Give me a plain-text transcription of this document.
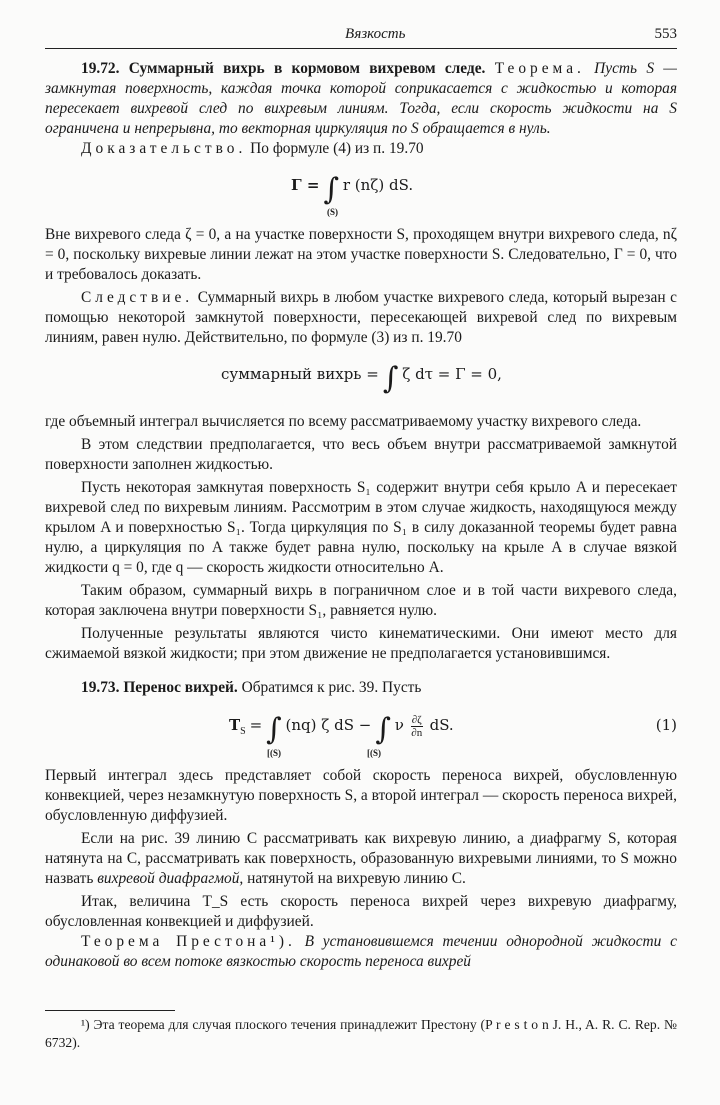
Вязкость	553

19.72. Суммарный вихрь в кормовом вихревом следе. Теорема. Пусть S — замкнутая поверхность, каждая точка которой соприкасается с жидкостью и которая пересекает вихревой след по вихревым линиям. Тогда, если скорость жидкости на S ограничена и непрерывна, то векторная циркуляция по S обращается в нуль.

Доказательство. По формуле (4) из п. 19.70

Γ = ∫ r (nζ) dS.
(S)

Вне вихревого следа ζ = 0, а на участке поверхности S, проходящем внутри вихревого следа, nζ = 0, поскольку вихревые линии лежат на этом участке поверхности S. Следовательно, Γ = 0, что и требовалось доказать.

Следствие. Суммарный вихрь в любом участке вихревого следа, который вырезан с помощью некоторой замкнутой поверхности, пересекающей вихревой след по вихревым линиям, равен нулю. Действительно, по формуле (3) из п. 19.70

суммарный вихрь = ∫ ζ dτ = Γ = 0,

где объемный интеграл вычисляется по всему рассматриваемому участку вихревого следа.

В этом следствии предполагается, что весь объем внутри рассматриваемой замкнутой поверхности заполнен жидкостью.

Пусть некоторая замкнутая поверхность S₁ содержит внутри себя крыло A и пересекает вихревой след по вихревым линиям. Рассмотрим в этом случае жидкость, находящуюся между крылом A и поверхностью S₁. Тогда циркуляция по S₁ в силу доказанной теоремы будет равна нулю, а циркуляция по A также будет равна нулю, поскольку на крыле A в случае вязкой жидкости q = 0, где q — скорость жидкости относительно A.

Таким образом, суммарный вихрь в пограничном слое и в той части вихревого следа, которая заключена внутри поверхности S₁, равняется нулю.

Полученные результаты являются чисто кинематическими. Они имеют место для сжимаемой вязкой жидкости; при этом движение не предполагается установившимся.

19.73. Перенос вихрей. Обратимся к рис. 39. Пусть

$T_S$ = ∫ (nq) ζ dS − ∫ ν $\frac{\partial\zeta}{\partial n}$ dS.
[(S)	[(S)
(1)

Первый интеграл здесь представляет собой скорость переноса вихрей, обусловленную конвекцией, через незамкнутую поверхность S, а второй интеграл — скорость переноса вихрей, обусловленную диффузией.

Если на рис. 39 линию C рассматривать как вихревую линию, а диафрагму S, которая натянута на C, рассматривать как поверхность, образованную вихревыми линиями, то S можно назвать вихревой диафрагмой, натянутой на вихревую линию C.

Итак, величина T_S есть скорость переноса вихрей через вихревую диафрагму, обусловленная конвекцией и диффузией.

Теорема Престона¹). В установившемся течении однородной жидкости с одинаковой во всем потоке вязкостью скорость переноса вихрей

¹) Эта теорема для случая плоского течения принадлежит Престону (P r e s t o n J. H., A. R. C. Rep. № 6732).
